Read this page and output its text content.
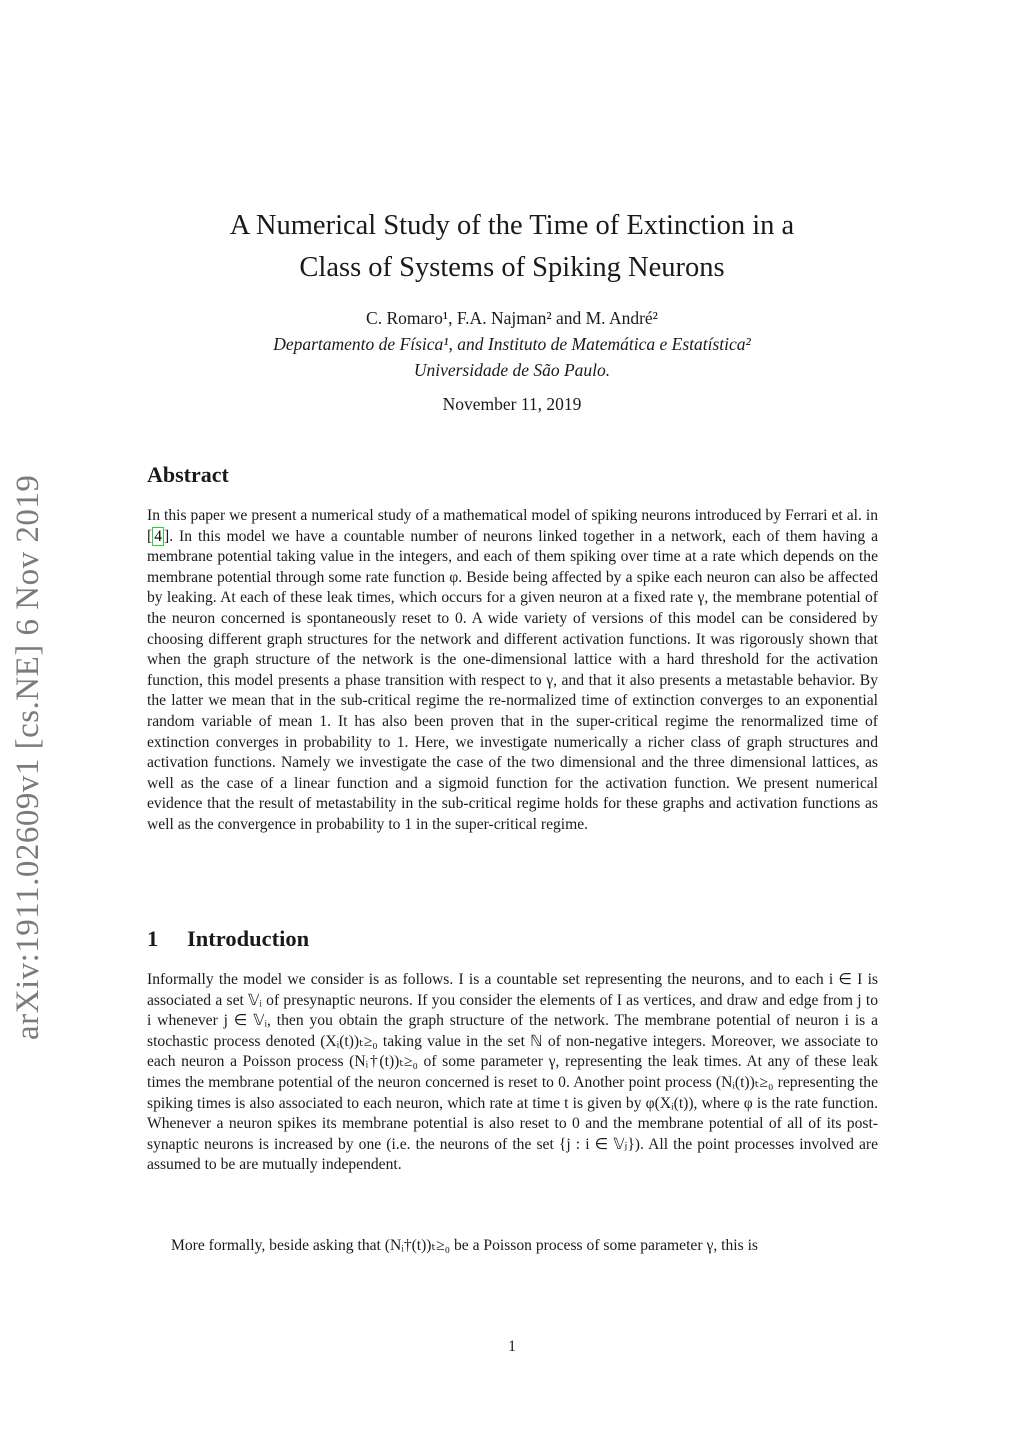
arXiv:1911.02609v1 [cs.NE] 6 Nov 2019
A Numerical Study of the Time of Extinction in a
Class of Systems of Spiking Neurons
C. Romaro¹, F.A. Najman² and M. André²
Departamento de Física¹, and Instituto de Matemática e Estatística²
Universidade de São Paulo.
November 11, 2019
Abstract
In this paper we present a numerical study of a mathematical model of spiking neurons introduced by Ferrari et al. in [ 4 ]. In this model we have a countable number of neurons linked together in a network, each of them having a membrane potential taking value in the integers, and each of them spiking over time at a rate which depends on the membrane potential through some rate function φ. Beside being affected by a spike each neuron can also be affected by leaking. At each of these leak times, which occurs for a given neuron at a fixed rate γ, the membrane potential of the neuron concerned is spontaneously reset to 0. A wide variety of versions of this model can be considered by choosing different graph structures for the network and different activation functions. It was rigorously shown that when the graph structure of the network is the one-dimensional lattice with a hard threshold for the activation function, this model presents a phase transition with respect to γ, and that it also presents a metastable behavior. By the latter we mean that in the sub-critical regime the re-normalized time of extinction converges to an exponential random variable of mean 1. It has also been proven that in the super-critical regime the renormalized time of extinction converges in probability to 1. Here, we investigate numerically a richer class of graph structures and activation functions. Namely we investigate the case of the two dimensional and the three dimensional lattices, as well as the case of a linear function and a sigmoid function for the activation function. We present numerical evidence that the result of metastability in the sub-critical regime holds for these graphs and activation functions as well as the convergence in probability to 1 in the super-critical regime.
1 Introduction
Informally the model we consider is as follows. I is a countable set representing the neurons, and to each i ∈ I is associated a set 𝕍ᵢ of presynaptic neurons. If you consider the elements of I as vertices, and draw and edge from j to i whenever j ∈ 𝕍ᵢ, then you obtain the graph structure of the network. The membrane potential of neuron i is a stochastic process denoted (Xᵢ(t))ₜ≥₀ taking value in the set ℕ of non-negative integers. Moreover, we associate to each neuron a Poisson process (Nᵢ†(t))ₜ≥₀ of some parameter γ, representing the leak times. At any of these leak times the membrane potential of the neuron concerned is reset to 0. Another point process (Nᵢ(t))ₜ≥₀ representing the spiking times is also associated to each neuron, which rate at time t is given by φ(Xᵢ(t)), where φ is the rate function. Whenever a neuron spikes its membrane potential is also reset to 0 and the membrane potential of all of its post-synaptic neurons is increased by one (i.e. the neurons of the set {j : i ∈ 𝕍ⱼ}). All the point processes involved are assumed to be are mutually independent.
More formally, beside asking that (Nᵢ†(t))ₜ≥₀ be a Poisson process of some parameter γ, this is
1
